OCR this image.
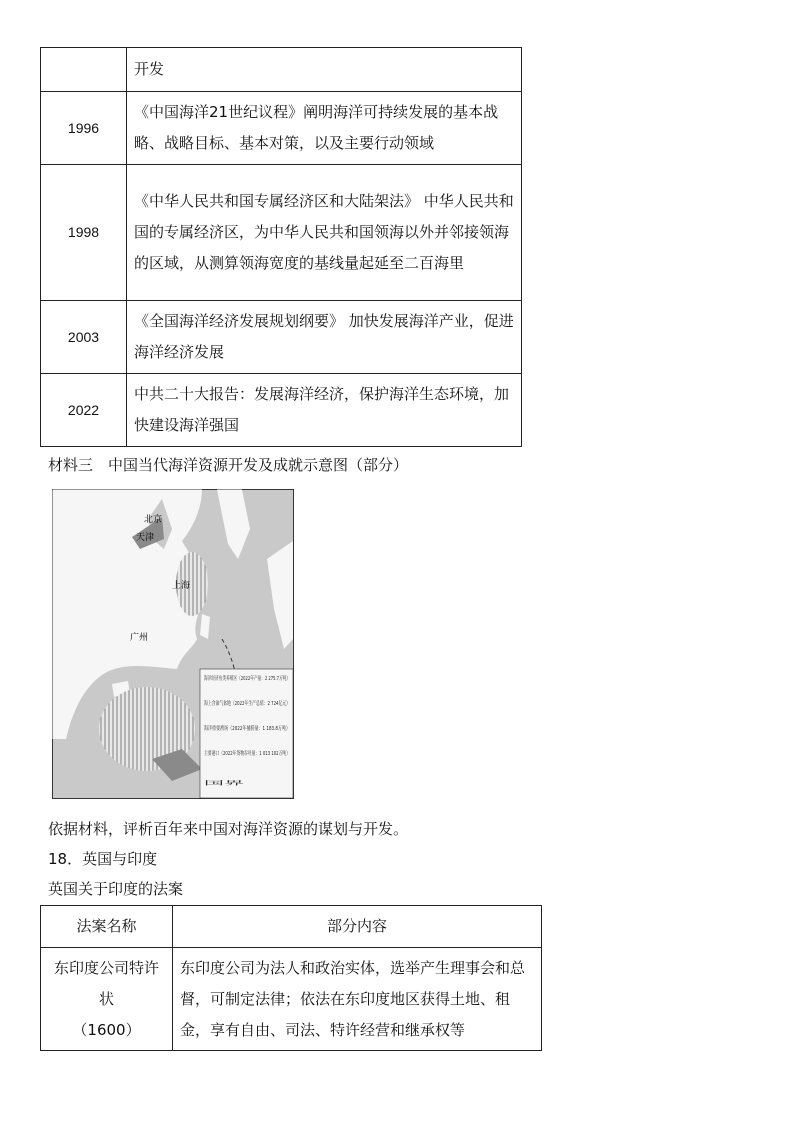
	开发
1996	《中国海洋21世纪议程》阐明海洋可持续发展的基本战略、战略目标、基本对策，以及主要行动领域
1998	《中华人民共和国专属经济区和大陆架法》 中华人民共和国的专属经济区，为中华人民共和国领海以外并邻接领海的区域，从测算领海宽度的基线量起延至二百海里
2003	《全国海洋经济发展规划纲要》 加快发展海洋产业，促进海洋经济发展
2022	中共二十大报告：发展海洋经济，保护海洋生态环境，加快建设海洋强国
材料三　中国当代海洋资源开发及成就示意图（部分）
北京
天津
上海
广州
海洋经济鱼类养殖区（2022年产量：2 275.7万吨）
海上含油气盆地（2022年生产总值：2 724亿元）
海洋重要渔场（2022年捕捞量：1 183.8万吨）
主要港口（2022年货物吞吐量：1 013 102万吨）
国界
依据材料，评析百年来中国对海洋资源的谋划与开发。
18．英国与印度
英国关于印度的法案
法案名称	部分内容

东印度公司特许
状
（1600）	东印度公司为法人和政治实体，选举产生理事会和总督，可制定法律；依法在东印度地区获得土地、租金，享有自由、司法、特许经营和继承权等
